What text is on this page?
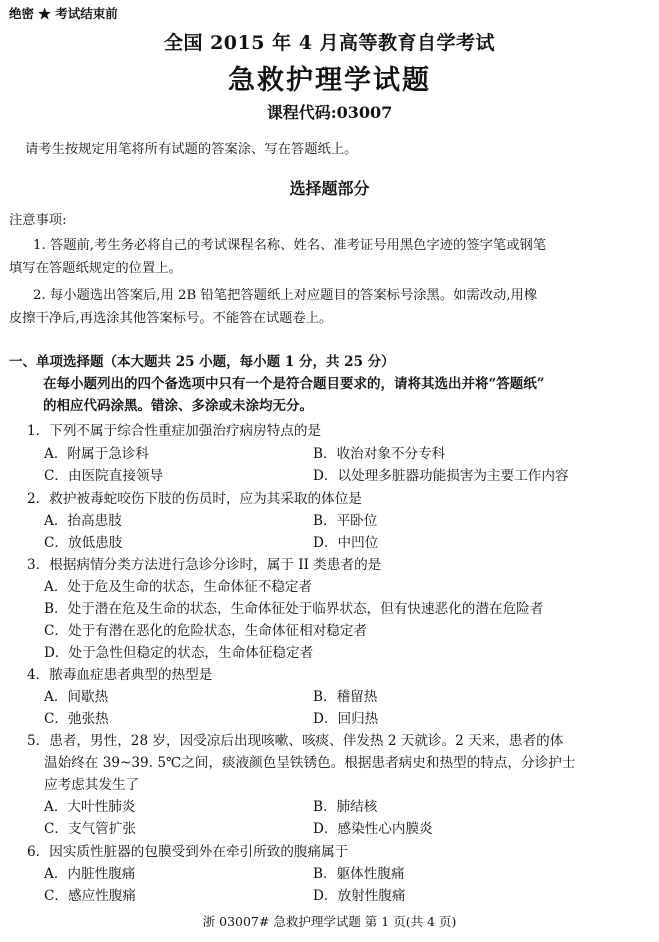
绝密 ★ 考试结束前
全国 2015 年 4 月高等教育自学考试
急救护理学试题
课程代码:03007
请考生按规定用笔将所有试题的答案涂、写在答题纸上。
选择题部分
注意事项:
1. 答题前,考生务必将自己的考试课程名称、姓名、准考证号用黑色字迹的签字笔或钢笔
填写在答题纸规定的位置上。
2. 每小题选出答案后,用 2B 铅笔把答题纸上对应题目的答案标号涂黑。如需改动,用橡
皮擦干净后,再选涂其他答案标号。不能答在试题卷上。
一、单项选择题（本大题共 25 小题，每小题 1 分，共 25 分）
在每小题列出的四个备选项中只有一个是符合题目要求的，请将其选出并将“答题纸”
的相应代码涂黑。错涂、多涂或未涂均无分。
1．下列不属于综合性重症加强治疗病房特点的是
A．附属于急诊科	B．收治对象不分专科
C．由医院直接领导	D．以处理多脏器功能损害为主要工作内容
2．救护被毒蛇咬伤下肢的伤员时，应为其采取的体位是
A．抬高患肢	B．平卧位
C．放低患肢	D．中凹位
3．根据病情分类方法进行急诊分诊时，属于 II 类患者的是
A．处于危及生命的状态，生命体征不稳定者
B．处于潜在危及生命的状态，生命体征处于临界状态，但有快速恶化的潜在危险者
C．处于有潜在恶化的危险状态，生命体征相对稳定者
D．处于急性但稳定的状态，生命体征稳定者
4．脓毒血症患者典型的热型是
A．间歇热	B．稽留热
C．弛张热	D．回归热
5．患者，男性，28 岁，因受凉后出现咳嗽、咳痰、伴发热 2 天就诊。2 天来，患者的体
温始终在 39~39. 5℃之间，痰液颜色呈铁锈色。根据患者病史和热型的特点，分诊护士
应考虑其发生了
A．大叶性肺炎	B．肺结核
C．支气管扩张	D．感染性心内膜炎
6．因实质性脏器的包膜受到外在牵引所致的腹痛属于
A．内脏性腹痛	B．躯体性腹痛
C．感应性腹痛	D．放射性腹痛
浙 03007# 急救护理学试题 第 1 页(共 4 页)
